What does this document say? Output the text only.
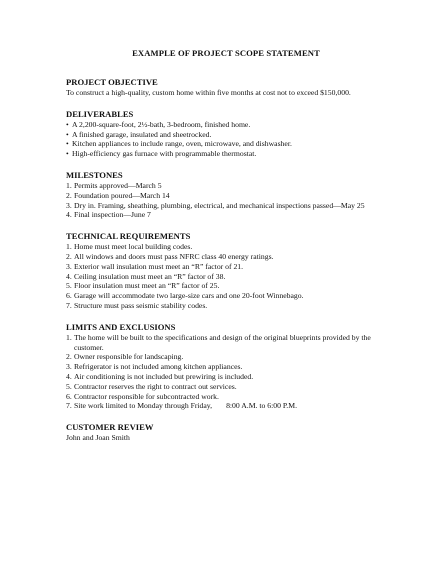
EXAMPLE OF PROJECT SCOPE STATEMENT
PROJECT OBJECTIVE

To construct a high-quality, custom home within five months at cost not to exceed $150,000.

DELIVERABLES
• A 2,200-square-foot, 2½-bath, 3-bedroom, finished home.
• A finished garage, insulated and sheetrocked.
• Kitchen appliances to include range, oven, microwave, and dishwasher.
• High-efficiency gas furnace with programmable thermostat.
MILESTONES
1. Permits approved—March 5
2. Foundation poured—March 14
3. Dry in. Framing, sheathing, plumbing, electrical, and mechanical inspections passed—May 25
4. Final inspection—June 7
TECHNICAL REQUIREMENTS
1. Home must meet local building codes.
2. All windows and doors must pass NFRC class 40 energy ratings.
3. Exterior wall insulation must meet an “R” factor of 21.
4. Ceiling insulation must meet an “R” factor of 38.
5. Floor insulation must meet an “R” factor of 25.
6. Garage will accommodate two large-size cars and one 20-foot Winnebago.
7. Structure must pass seismic stability codes.
LIMITS AND EXCLUSIONS
1. The home will be built to the specifications and design of the original blueprints provided by the customer.
2. Owner responsible for landscaping.
3. Refrigerator is not included among kitchen appliances.
4. Air conditioning is not included but prewiring is included.
5. Contractor reserves the right to contract out services.
6. Contractor responsible for subcontracted work.
7. Site work limited to Monday through Friday, 8:00 A.M. to 6:00 P.M.
CUSTOMER REVIEW

John and Joan Smith
